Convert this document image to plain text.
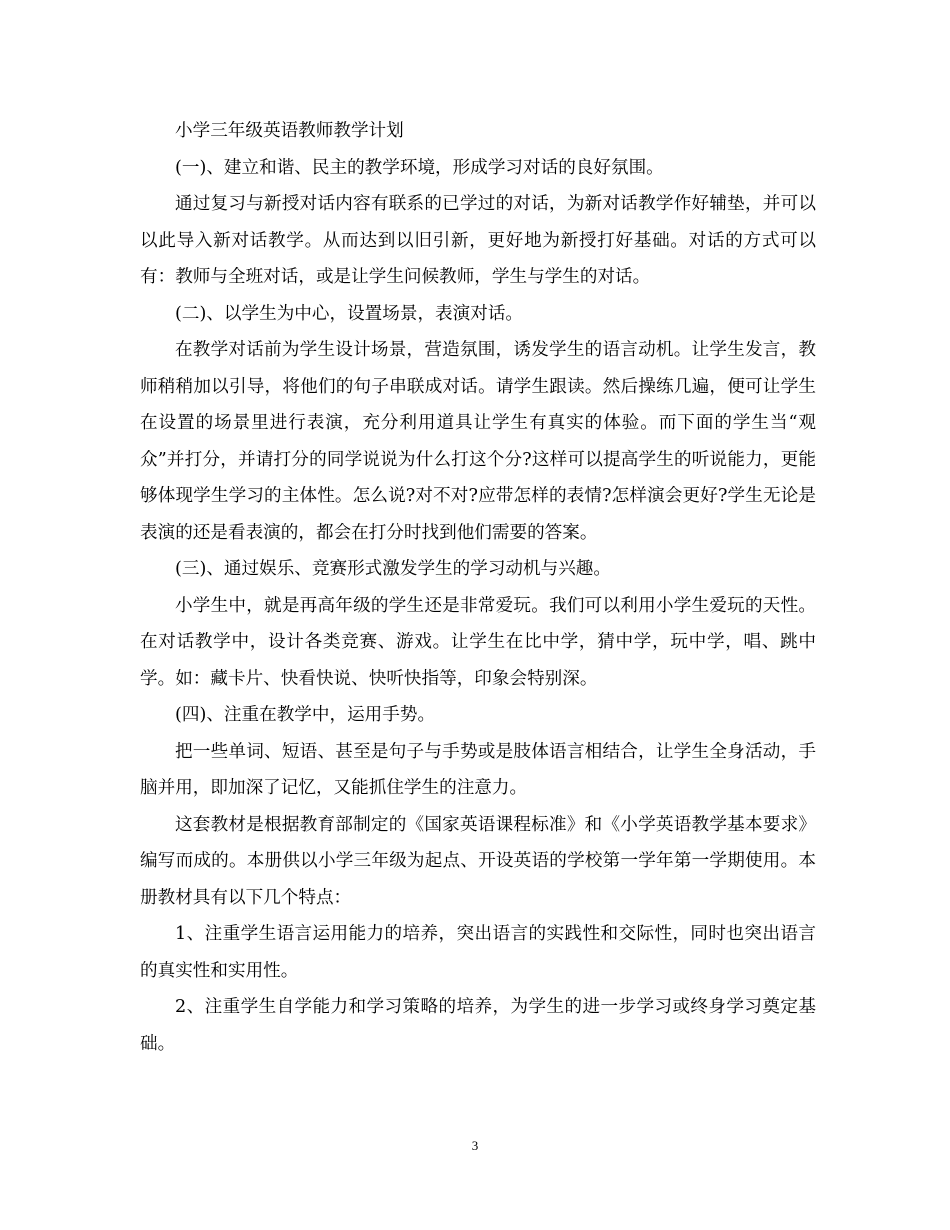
小学三年级英语教师教学计划

(一)、建立和谐、民主的教学环境，形成学习对话的良好氛围。

通过复习与新授对话内容有联系的已学过的对话，为新对话教学作好辅垫，并可以以此导入新对话教学。从而达到以旧引新，更好地为新授打好基础。对话的方式可以有：教师与全班对话，或是让学生问候教师，学生与学生的对话。

(二)、以学生为中心，设置场景，表演对话。

在教学对话前为学生设计场景，营造氛围，诱发学生的语言动机。让学生发言，教师稍稍加以引导，将他们的句子串联成对话。请学生跟读。然后操练几遍，便可让学生在设置的场景里进行表演，充分利用道具让学生有真实的体验。而下面的学生当“观众”并打分，并请打分的同学说说为什么打这个分?这样可以提高学生的听说能力，更能够体现学生学习的主体性。怎么说?对不对?应带怎样的表情?怎样演会更好?学生无论是表演的还是看表演的，都会在打分时找到他们需要的答案。

(三)、通过娱乐、竞赛形式激发学生的学习动机与兴趣。

小学生中，就是再高年级的学生还是非常爱玩。我们可以利用小学生爱玩的天性。在对话教学中，设计各类竞赛、游戏。让学生在比中学，猜中学，玩中学，唱、跳中学。如：藏卡片、快看快说、快听快指等，印象会特别深。

(四)、注重在教学中，运用手势。

把一些单词、短语、甚至是句子与手势或是肢体语言相结合，让学生全身活动，手脑并用，即加深了记忆，又能抓住学生的注意力。

这套教材是根据教育部制定的《国家英语课程标准》和《小学英语教学基本要求》编写而成的。本册供以小学三年级为起点、开设英语的学校第一学年第一学期使用。本册教材具有以下几个特点：

1、注重学生语言运用能力的培养，突出语言的实践性和交际性，同时也突出语言的真实性和实用性。

2、注重学生自学能力和学习策略的培养，为学生的进一步学习或终身学习奠定基础。

3
